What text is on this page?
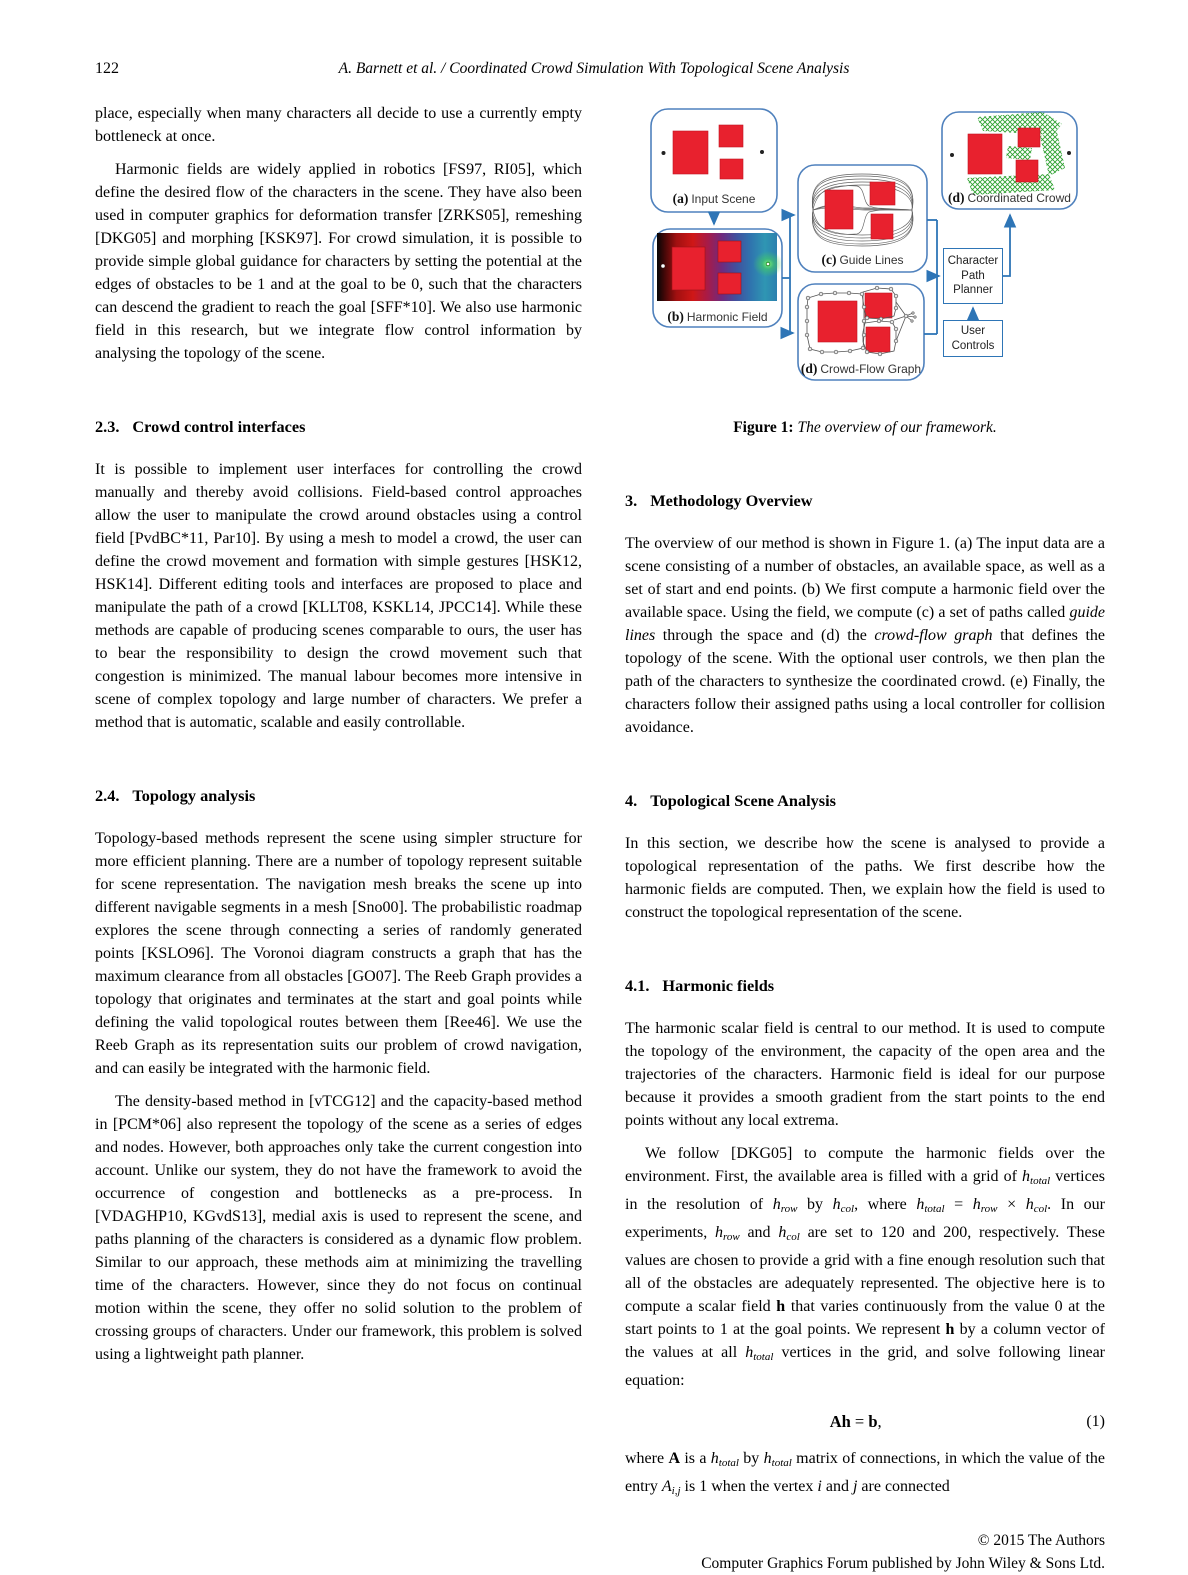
122	A. Barnett et al. / Coordinated Crowd Simulation With Topological Scene Analysis

place, especially when many characters all decide to use a currently empty bottleneck at once.

Harmonic fields are widely applied in robotics [FS97, RI05], which define the desired flow of the characters in the scene. They have also been used in computer graphics for deformation transfer [ZRKS05], remeshing [DKG05] and morphing [KSK97]. For crowd simulation, it is possible to provide simple global guidance for characters by setting the potential at the edges of obstacles to be 1 and at the goal to be 0, such that the characters can descend the gradient to reach the goal [SFF*10]. We also use harmonic field in this research, but we integrate flow control information by analysing the topology of the scene.

2.3. Crowd control interfaces

It is possible to implement user interfaces for controlling the crowd manually and thereby avoid collisions. Field-based control approaches allow the user to manipulate the crowd around obstacles using a control field [PvdBC*11, Par10]. By using a mesh to model a crowd, the user can define the crowd movement and formation with simple gestures [HSK12, HSK14]. Different editing tools and interfaces are proposed to place and manipulate the path of a crowd [KLLT08, KSKL14, JPCC14]. While these methods are capable of producing scenes comparable to ours, the user has to bear the responsibility to design the crowd movement such that congestion is minimized. The manual labour becomes more intensive in scene of complex topology and large number of characters. We prefer a method that is automatic, scalable and easily controllable.

2.4. Topology analysis

Topology-based methods represent the scene using simpler structure for more efficient planning. There are a number of topology represent suitable for scene representation. The navigation mesh breaks the scene up into different navigable segments in a mesh [Sno00]. The probabilistic roadmap explores the scene through connecting a series of randomly generated points [KSLO96]. The Voronoi diagram constructs a graph that has the maximum clearance from all obstacles [GO07]. The Reeb Graph provides a topology that originates and terminates at the start and goal points while defining the valid topological routes between them [Ree46]. We use the Reeb Graph as its representation suits our problem of crowd navigation, and can easily be integrated with the harmonic field.

The density-based method in [vTCG12] and the capacity-based method in [PCM*06] also represent the topology of the scene as a series of edges and nodes. However, both approaches only take the current congestion into account. Unlike our system, they do not have the framework to avoid the occurrence of congestion and bottlenecks as a pre-process. In [VDAGHP10, KGvdS13], medial axis is used to represent the scene, and paths planning of the characters is considered as a dynamic flow problem. Similar to our approach, these methods aim at minimizing the travelling time of the characters. However, since they do not focus on continual motion within the scene, they offer no solid solution to the problem of crossing groups of characters. Under our framework, this problem is solved using a lightweight path planner.

(a) Input Scene
(b) Harmonic Field
(c) Guide Lines
(d) Crowd-Flow Graph
(d) Coordinated Crowd
Character Path Planner
User Controls
Figure 1: The overview of our framework.
3. Methodology Overview

The overview of our method is shown in Figure 1. (a) The input data are a scene consisting of a number of obstacles, an available space, as well as a set of start and end points. (b) We first compute a harmonic field over the available space. Using the field, we compute (c) a set of paths called guide lines through the space and (d) the crowd-flow graph that defines the topology of the scene. With the optional user controls, we then plan the path of the characters to synthesize the coordinated crowd. (e) Finally, the characters follow their assigned paths using a local controller for collision avoidance.

4. Topological Scene Analysis

In this section, we describe how the scene is analysed to provide a topological representation of the paths. We first describe how the harmonic fields are computed. Then, we explain how the field is used to construct the topological representation of the scene.

4.1. Harmonic fields

The harmonic scalar field is central to our method. It is used to compute the topology of the environment, the capacity of the open area and the trajectories of the characters. Harmonic field is ideal for our purpose because it provides a smooth gradient from the start points to the end points without any local extrema.

We follow [DKG05] to compute the harmonic fields over the environment. First, the available area is filled with a grid of htotal vertices in the resolution of hrow by hcol, where htotal = hrow × hcol. In our experiments, hrow and hcol are set to 120 and 200, respectively. These values are chosen to provide a grid with a fine enough resolution such that all of the obstacles are adequately represented. The objective here is to compute a scalar field h that varies continuously from the value 0 at the start points to 1 at the goal points. We represent h by a column vector of the values at all htotal vertices in the grid, and solve following linear equation:

Ah = b,	(1)

where A is a htotal by htotal matrix of connections, in which the value of the entry Ai,j is 1 when the vertex i and j are connected

© 2015 The Authors
Computer Graphics Forum published by John Wiley & Sons Ltd.
